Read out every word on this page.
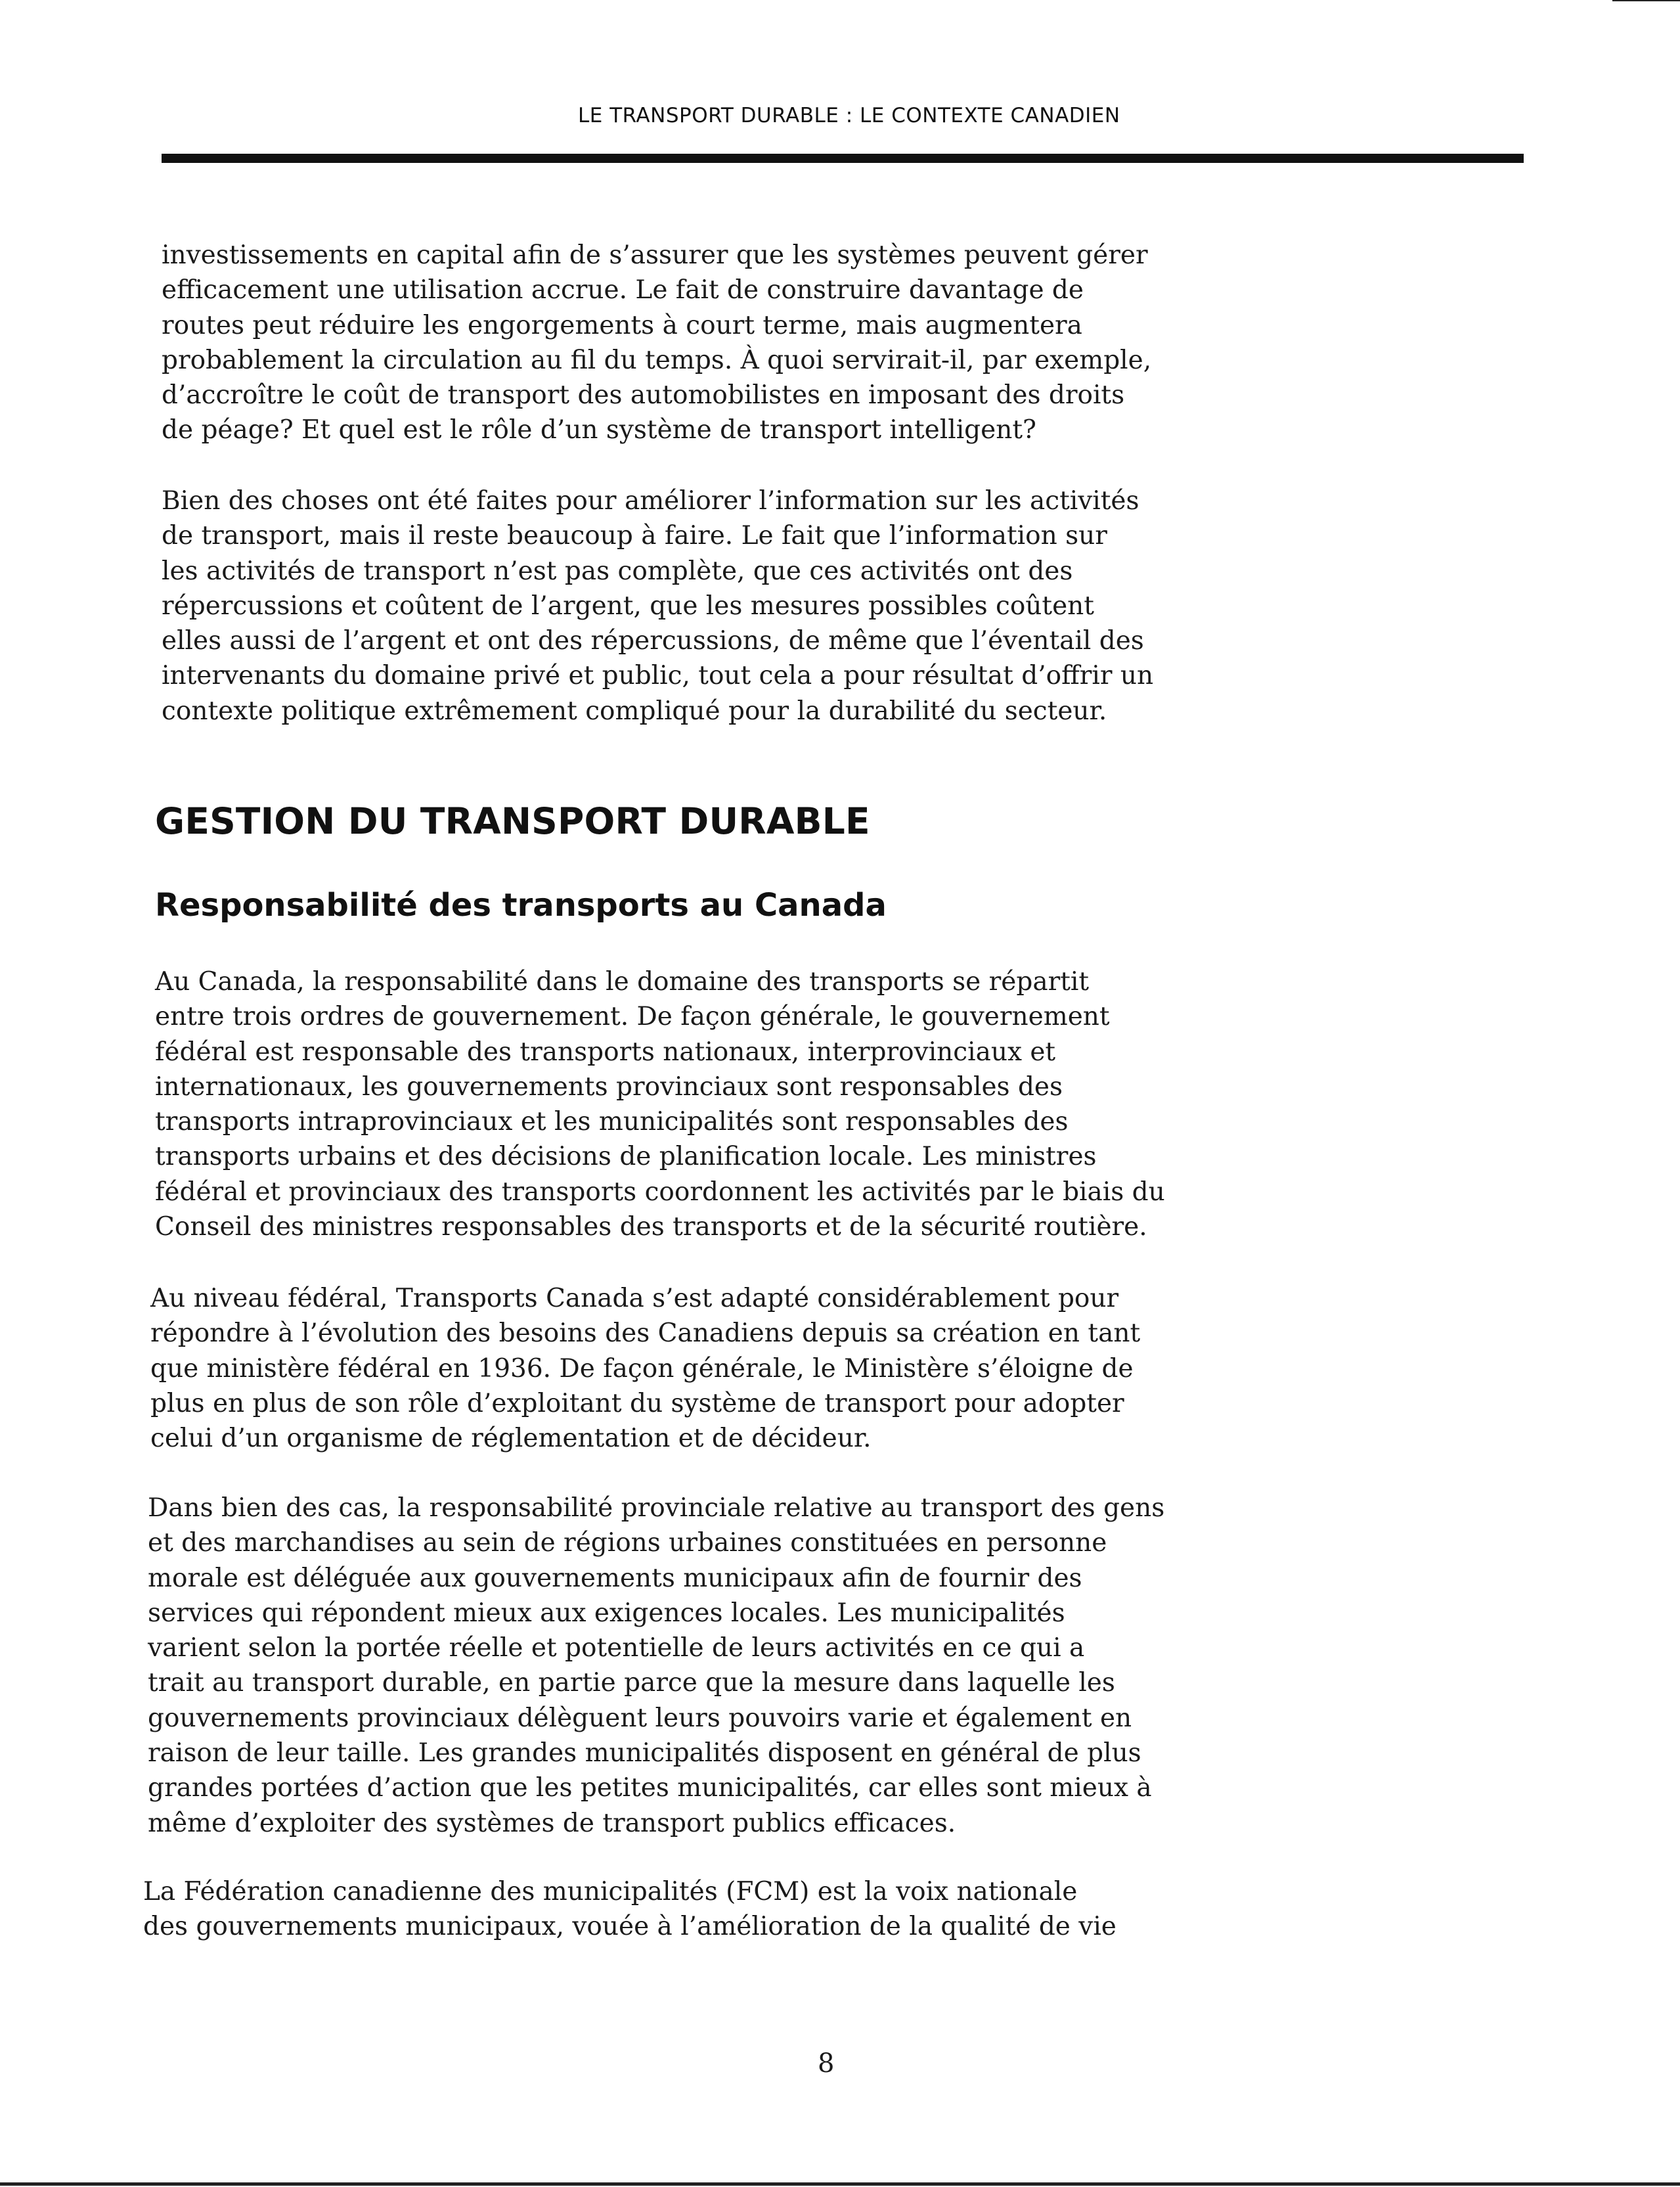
LE TRANSPORT DURABLE : LE CONTEXTE CANADIEN

investissements en capital afin de s’assurer que les systèmes peuvent gérer

efficacement une utilisation accrue. Le fait de construire davantage de

routes peut réduire les engorgements à court terme, mais augmentera

probablement la circulation au fil du temps. À quoi servirait-il, par exemple,

d’accroître le coût de transport des automobilistes en imposant des droits

de péage? Et quel est le rôle d’un système de transport intelligent?

Bien des choses ont été faites pour améliorer l’information sur les activités

de transport, mais il reste beaucoup à faire. Le fait que l’information sur

les activités de transport n’est pas complète, que ces activités ont des

répercussions et coûtent de l’argent, que les mesures possibles coûtent

elles aussi de l’argent et ont des répercussions, de même que l’éventail des

intervenants du domaine privé et public, tout cela a pour résultat d’offrir un

contexte politique extrêmement compliqué pour la durabilité du secteur.

GESTION DU TRANSPORT DURABLE
Responsabilité des transports au Canada

Au Canada, la responsabilité dans le domaine des transports se répartit

entre trois ordres de gouvernement. De façon générale, le gouvernement

fédéral est responsable des transports nationaux, interprovinciaux et

internationaux, les gouvernements provinciaux sont responsables des

transports intraprovinciaux et les municipalités sont responsables des

transports urbains et des décisions de planification locale. Les ministres

fédéral et provinciaux des transports coordonnent les activités par le biais du

Conseil des ministres responsables des transports et de la sécurité routière.

Au niveau fédéral, Transports Canada s’est adapté considérablement pour

répondre à l’évolution des besoins des Canadiens depuis sa création en tant

que ministère fédéral en 1936. De façon générale, le Ministère s’éloigne de

plus en plus de son rôle d’exploitant du système de transport pour adopter

celui d’un organisme de réglementation et de décideur.

Dans bien des cas, la responsabilité provinciale relative au transport des gens

et des marchandises au sein de régions urbaines constituées en personne

morale est déléguée aux gouvernements municipaux afin de fournir des

services qui répondent mieux aux exigences locales. Les municipalités

varient selon la portée réelle et potentielle de leurs activités en ce qui a

trait au transport durable, en partie parce que la mesure dans laquelle les

gouvernements provinciaux délèguent leurs pouvoirs varie et également en

raison de leur taille. Les grandes municipalités disposent en général de plus

grandes portées d’action que les petites municipalités, car elles sont mieux à

même d’exploiter des systèmes de transport publics efficaces.

La Fédération canadienne des municipalités (FCM) est la voix nationale

des gouvernements municipaux, vouée à l’amélioration de la qualité de vie

8
